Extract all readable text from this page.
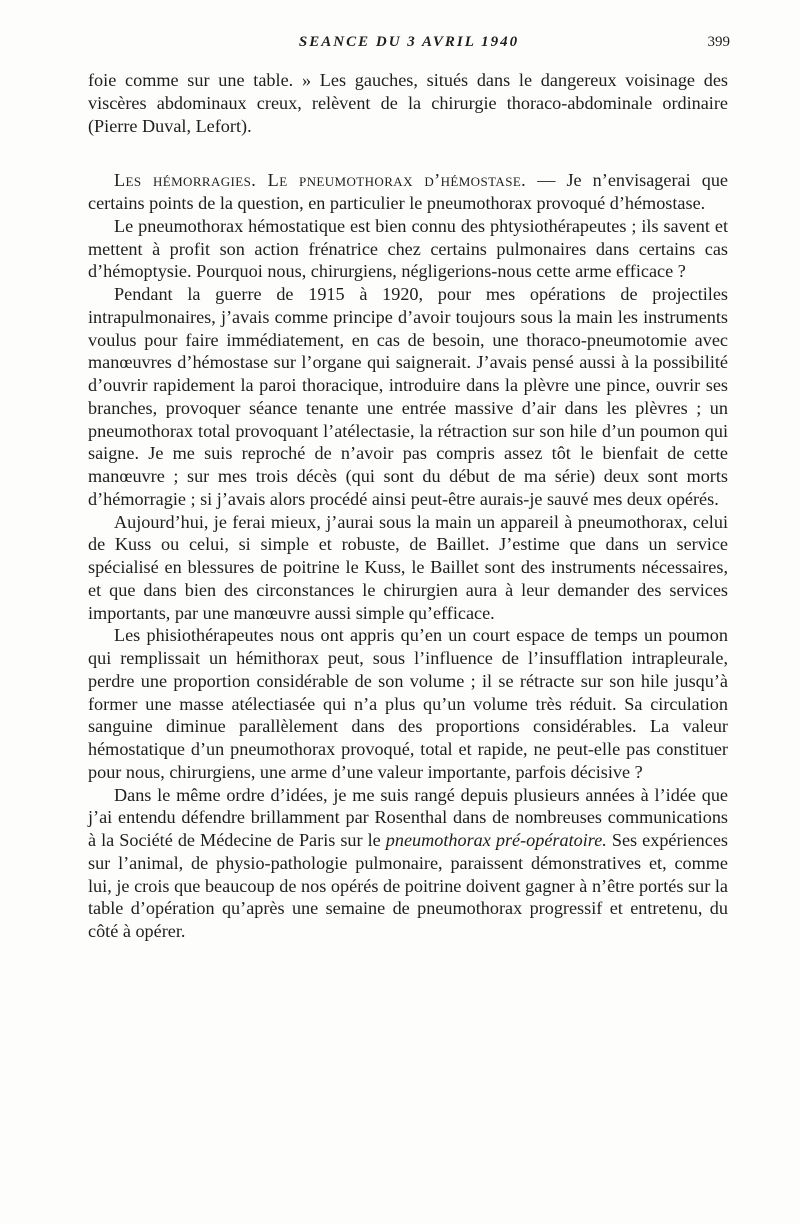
SEANCE DU 3 AVRIL 1940	399

foie comme sur une table. » Les gauches, situés dans le dangereux voisinage des viscères abdominaux creux, relèvent de la chirurgie thoraco-abdominale ordinaire (Pierre Duval, Lefort).

Les hémorragies. Le pneumothorax d’hémostase. — Je n’envisagerai que certains points de la question, en particulier le pneumothorax provoqué d’hémostase.

Le pneumothorax hémostatique est bien connu des phtysiothérapeutes ; ils savent et mettent à profit son action frénatrice chez certains pulmonaires dans certains cas d’hémoptysie. Pourquoi nous, chirurgiens, négligerions-nous cette arme efficace ?

Pendant la guerre de 1915 à 1920, pour mes opérations de projectiles intrapulmonaires, j’avais comme principe d’avoir toujours sous la main les instruments voulus pour faire immédiatement, en cas de besoin, une thoraco-pneumotomie avec manœuvres d’hémostase sur l’organe qui saignerait. J’avais pensé aussi à la possibilité d’ouvrir rapidement la paroi thoracique, introduire dans la plèvre une pince, ouvrir ses branches, provoquer séance tenante une entrée massive d’air dans les plèvres ; un pneumothorax total provoquant l’atélectasie, la rétraction sur son hile d’un poumon qui saigne. Je me suis reproché de n’avoir pas compris assez tôt le bienfait de cette manœuvre ; sur mes trois décès (qui sont du début de ma série) deux sont morts d’hémorragie ; si j’avais alors procédé ainsi peut-être aurais-je sauvé mes deux opérés.

Aujourd’hui, je ferai mieux, j’aurai sous la main un appareil à pneumothorax, celui de Kuss ou celui, si simple et robuste, de Baillet. J’estime que dans un service spécialisé en blessures de poitrine le Kuss, le Baillet sont des instruments nécessaires, et que dans bien des circonstances le chirurgien aura à leur demander des services importants, par une manœuvre aussi simple qu’efficace.

Les phisiothérapeutes nous ont appris qu’en un court espace de temps un poumon qui remplissait un hémithorax peut, sous l’influence de l’insufflation intrapleurale, perdre une proportion considérable de son volume ; il se rétracte sur son hile jusqu’à former une masse atélectiasée qui n’a plus qu’un volume très réduit. Sa circulation sanguine diminue parallèlement dans des proportions considérables. La valeur hémostatique d’un pneumothorax provoqué, total et rapide, ne peut-elle pas constituer pour nous, chirurgiens, une arme d’une valeur importante, parfois décisive ?

Dans le même ordre d’idées, je me suis rangé depuis plusieurs années à l’idée que j’ai entendu défendre brillamment par Rosenthal dans de nombreuses communications à la Société de Médecine de Paris sur le pneumothorax pré-opératoire. Ses expériences sur l’animal, de physio-pathologie pulmonaire, paraissent démonstratives et, comme lui, je crois que beaucoup de nos opérés de poitrine doivent gagner à n’être portés sur la table d’opération qu’après une semaine de pneumothorax progressif et entretenu, du côté à opérer.
